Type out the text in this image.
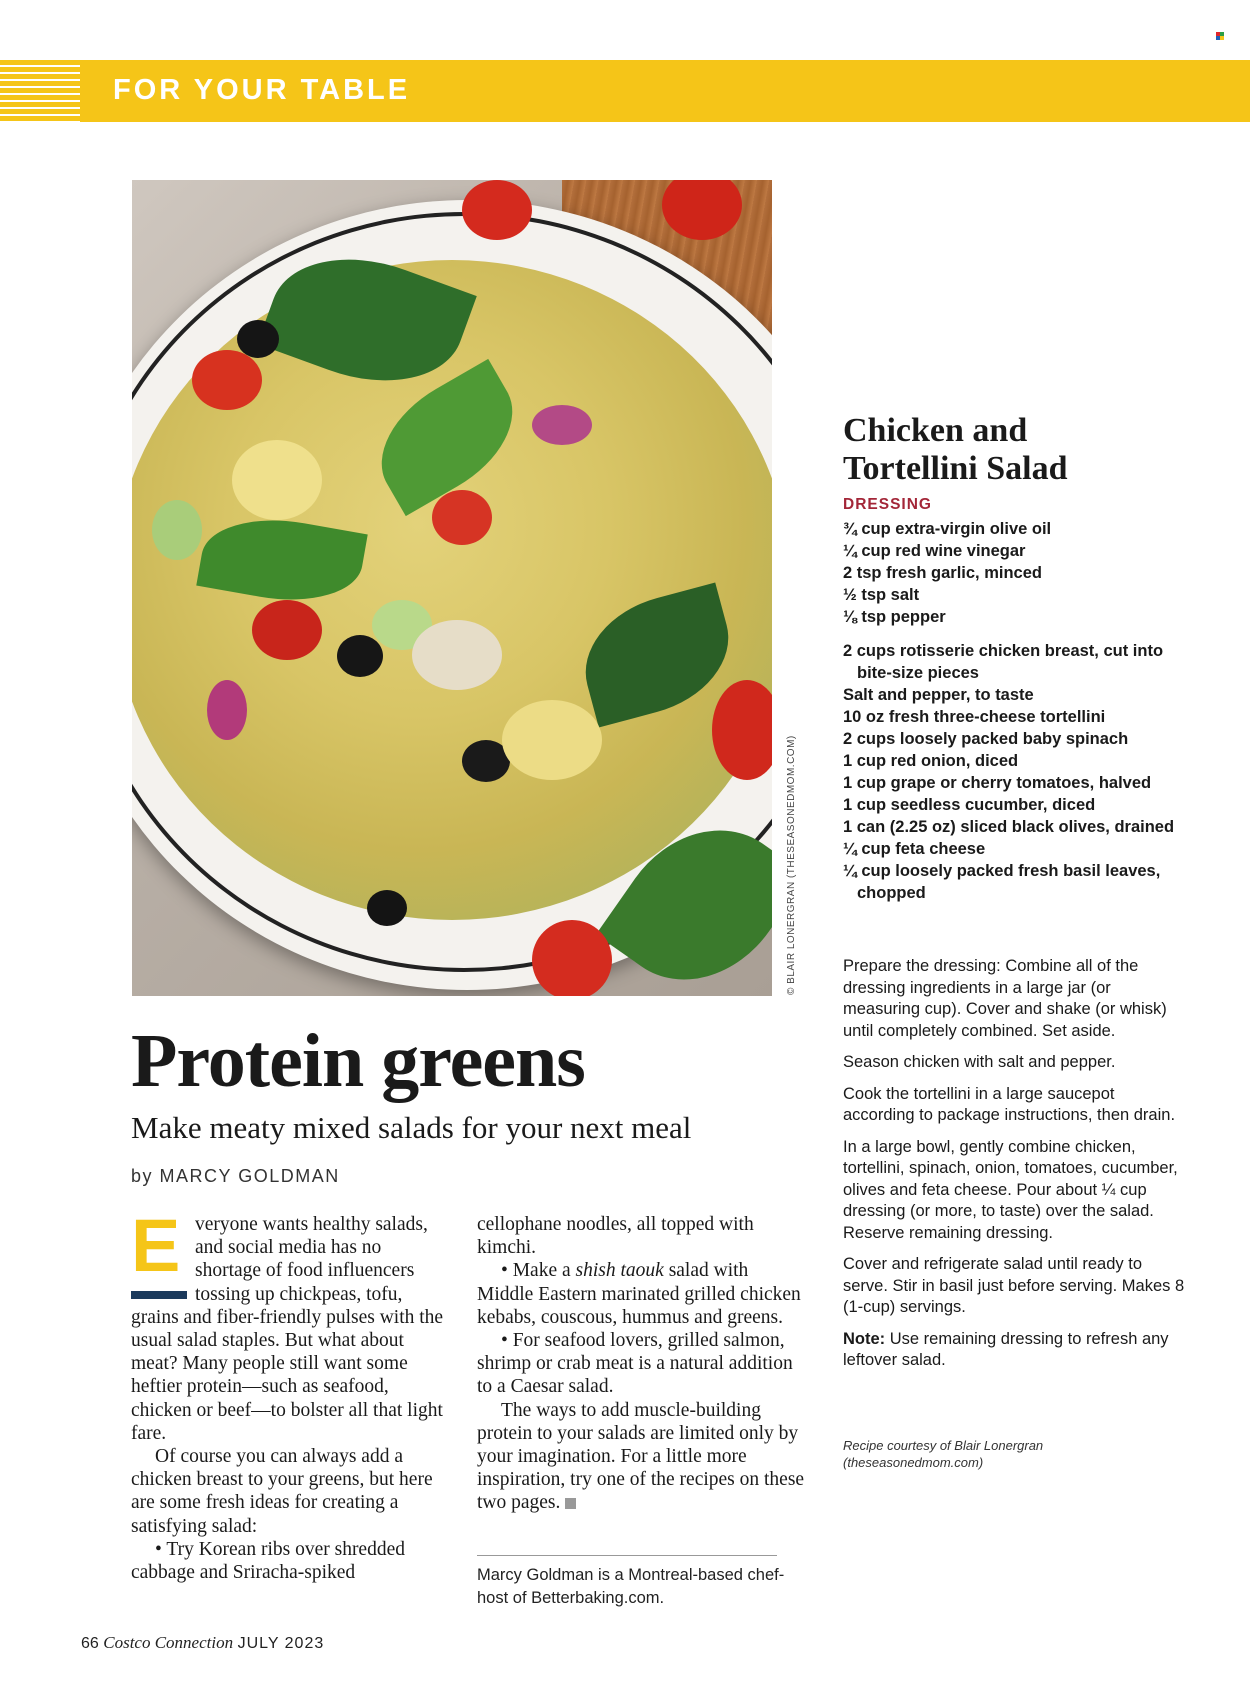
FOR YOUR TABLE
© BLAIR LONERGRAN (THESEASONEDMOM.COM)
Protein greens
Make meaty mixed salads for your next meal
by MARCY GOLDMAN

E veryone wants healthy salads, and social media has no shortage of food influencers tossing up chickpeas, tofu, grains and fiber-friendly pulses with the usual salad staples. But what about meat? Many people still want some heftier protein—such as seafood, chicken or beef—to bolster all that light fare.

Of course you can always add a chicken breast to your greens, but here are some fresh ideas for creating a satisfying salad:

• Try Korean ribs over shredded cabbage and Sriracha-spiked

cellophane noodles, all topped with kimchi.

• Make a shish taouk salad with Middle Eastern marinated grilled chicken kebabs, couscous, hummus and greens.

• For seafood lovers, grilled salmon, shrimp or crab meat is a natural addition to a Caesar salad.

The ways to add muscle-building protein to your salads are limited only by your imagination. For a little more inspiration, try one of the recipes on these two pages.

Marcy Goldman is a Montreal-based chef-host of Betterbaking.com.
Chicken and
Tortellini Salad
DRESSING
¾ cup extra-virgin olive oil
¼ cup red wine vinegar
2 tsp fresh garlic, minced
½ tsp salt
⅛ tsp pepper
2 cups rotisserie chicken breast, cut into bite-size pieces
Salt and pepper, to taste
10 oz fresh three-cheese tortellini
2 cups loosely packed baby spinach
1 cup red onion, diced
1 cup grape or cherry tomatoes, halved
1 cup seedless cucumber, diced
1 can (2.25 oz) sliced black olives, drained
¼ cup feta cheese
¼ cup loosely packed fresh basil leaves, chopped

Prepare the dressing: Combine all of the dressing ingredients in a large jar (or measuring cup). Cover and shake (or whisk) until completely combined. Set aside.

Season chicken with salt and pepper.

Cook the tortellini in a large saucepot according to package instructions, then drain.

In a large bowl, gently combine chicken, tortellini, spinach, onion, tomatoes, cucumber, olives and feta cheese. Pour about ¼ cup dressing (or more, to taste) over the salad. Reserve remaining dressing.

Cover and refrigerate salad until ready to serve. Stir in basil just before serving. Makes 8 (1-cup) servings.

Note: Use remaining dressing to refresh any leftover salad.

Recipe courtesy of Blair Lonergran
(theseasonedmom.com)
66 Costco Connection JULY 2023
